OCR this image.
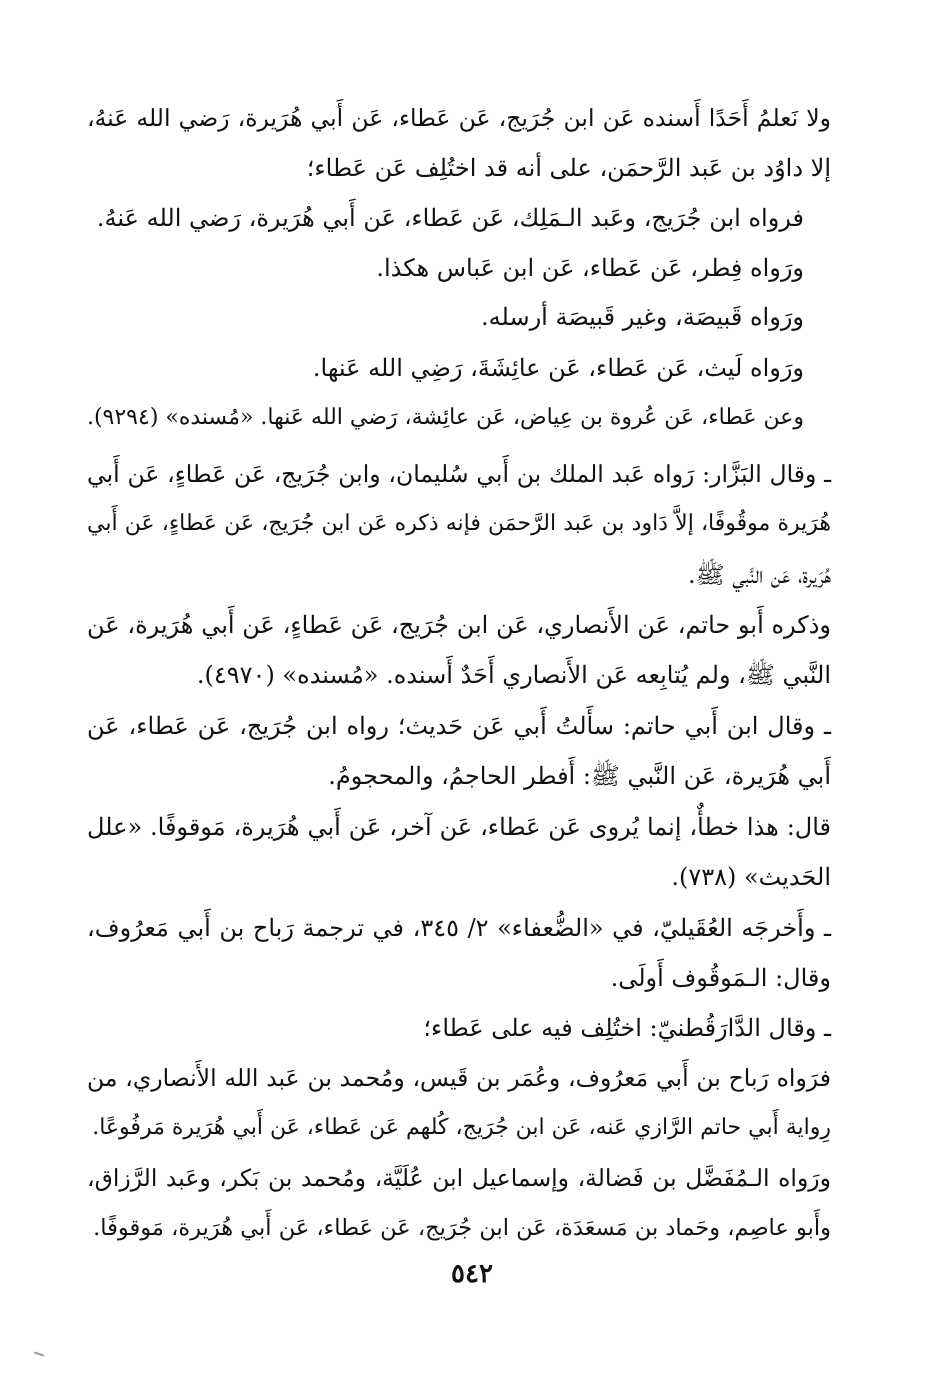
ولا نَعلمُ أَحَدًا أَسنده عَن ابن جُرَيج، عَن عَطاء، عَن أَبي هُرَيرة، رَضي الله عَنهُ،
إلا داوُد بن عَبد الرَّحمَن، على أنه قد اختُلِف عَن عَطاء؛
فرواه ابن جُرَيج، وعَبد الـمَلِك، عَن عَطاء، عَن أَبي هُرَيرة، رَضي الله عَنهُ.
ورَواه فِطر، عَن عَطاء، عَن ابن عَباس هكذا.
ورَواه قَبيصَة، وغير قَبيصَة أرسله.
ورَواه لَيث، عَن عَطاء، عَن عائِشَةَ، رَضِي الله عَنها.
وعن عَطاء، عَن عُروة بن عِياض، عَن عائِشة، رَضي الله عَنها. «مُسنده» (٩٢٩٤).
ـ وقال البَزَّار: رَواه عَبد الملك بن أَبي سُليمان، وابن جُرَيج، عَن عَطاءٍ، عَن أَبي
هُرَيرة موقُوفًا، إلاَّ دَاود بن عَبد الرَّحمَن فإنه ذكره عَن ابن جُرَيج، عَن عَطاءٍ، عَن أَبي
هُرَيرة، عَن النَّبي ﷺ.
وذكره أَبو حاتم، عَن الأَنصاري، عَن ابن جُرَيج، عَن عَطاءٍ، عَن أَبي هُرَيرة، عَن
النَّبي ﷺ، ولم يُتابِعه عَن الأَنصاري أَحَدٌ أَسنده. «مُسنده» (٤٩٧٠).
ـ وقال ابن أَبي حاتم: سأَلتُ أَبي عَن حَديث؛ رواه ابن جُرَيج، عَن عَطاء، عَن
أَبي هُرَيرة، عَن النَّبي ﷺ: أَفطر الحاجمُ، والمحجومُ.
قال: هذا خطأٌ، إنما يُروى عَن عَطاء، عَن آخر، عَن أَبي هُرَيرة، مَوقوفًا. «علل
الحَديث» (٧٣٨).
ـ وأَخرجَه العُقَيليّ، في «الضُّعفاء» ٢/ ٣٤٥، في ترجمة رَباح بن أَبي مَعرُوف،
وقال: الـمَوقُوف أَولَى.
ـ وقال الدَّارَقُطنيّ: اختُلِف فيه على عَطاء؛
فرَواه رَباح بن أَبي مَعرُوف، وعُمَر بن قَيس، ومُحمد بن عَبد الله الأَنصاري، من
رِواية أَبي حاتم الرَّازي عَنه، عَن ابن جُرَيج، كُلهم عَن عَطاء، عَن أَبي هُرَيرة مَرفُوعًا.
ورَواه الـمُفَضَّل بن فَضالة، وإسماعيل ابن عُلَيَّة، ومُحمد بن بَكر، وعَبد الرَّزاق،
وأَبو عاصِم، وحَماد بن مَسعَدَة، عَن ابن جُرَيج، عَن عَطاء، عَن أَبي هُرَيرة، مَوقوفًا.
٥٤٢
